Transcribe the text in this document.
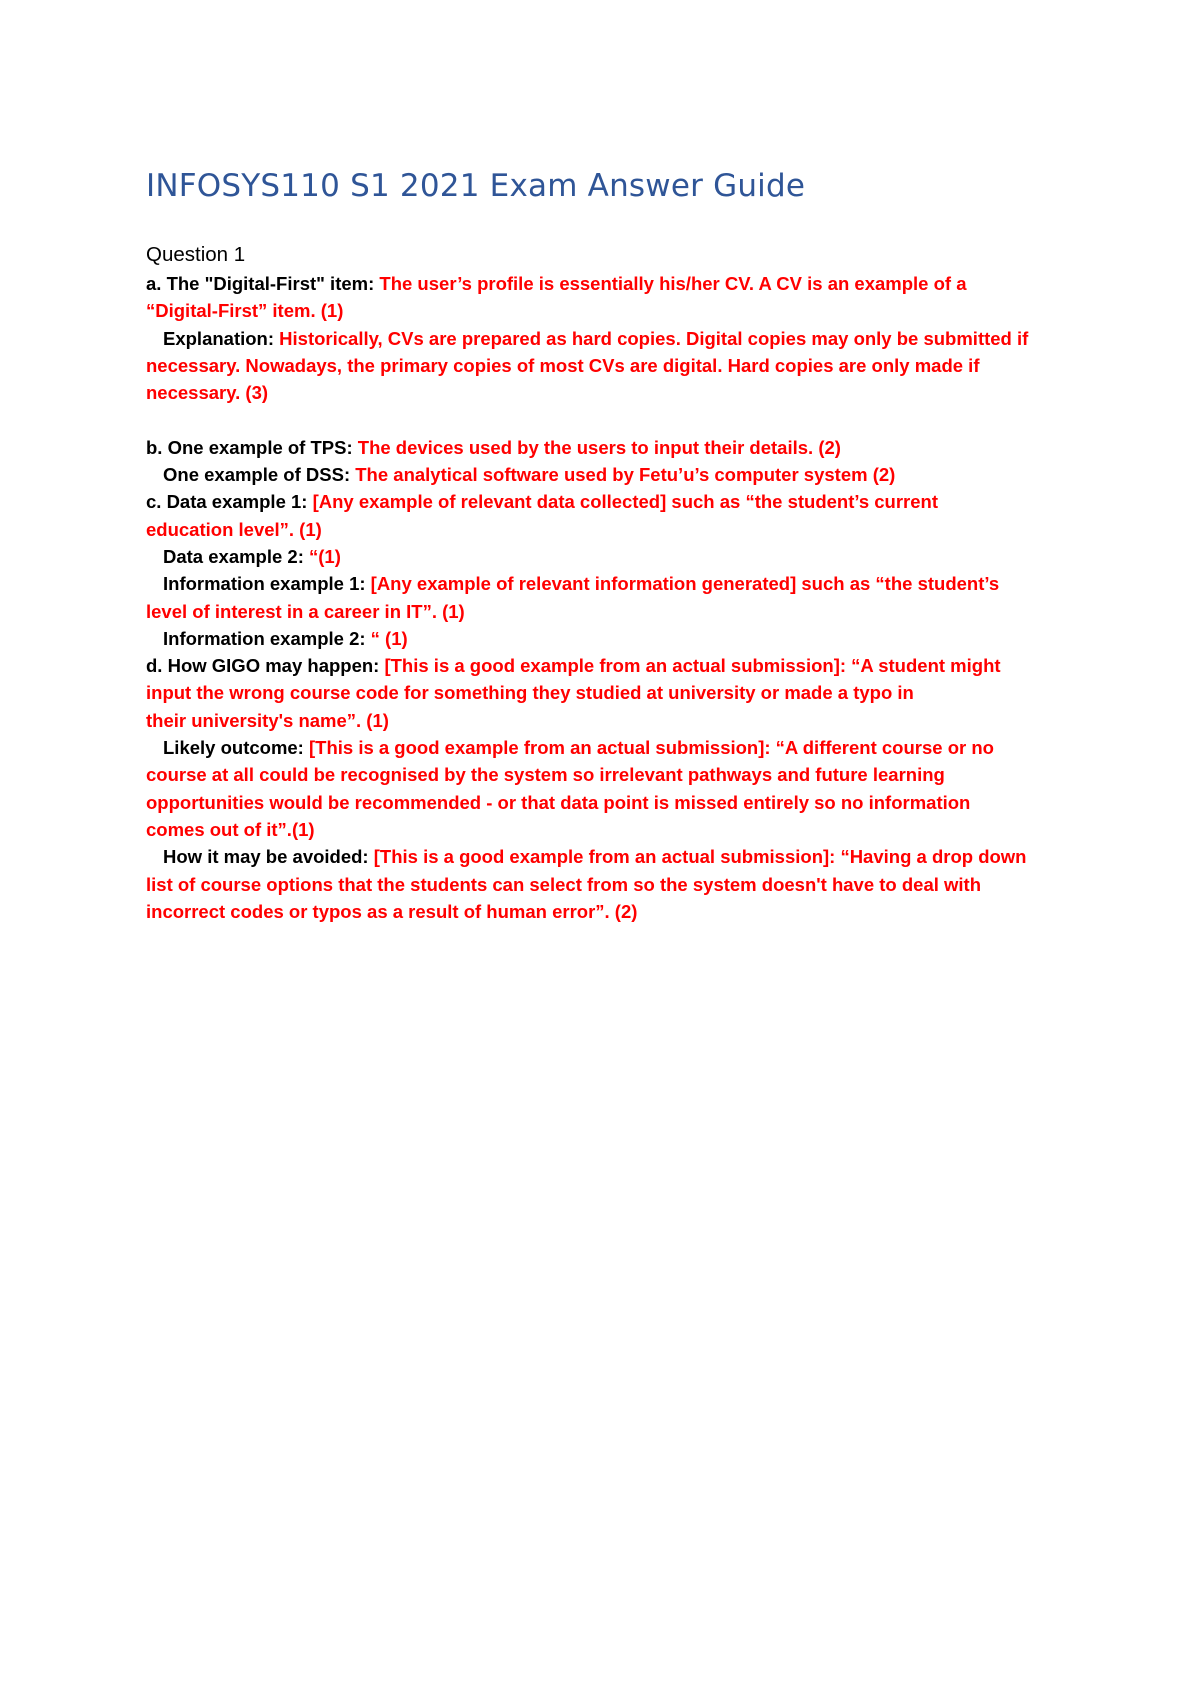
INFOSYS110 S1 2021 Exam Answer Guide

Question 1

a. The "Digital-First" item: The user’s profile is essentially his/her CV. A CV is an example of a
“Digital-First” item. (1)
Explanation: Historically, CVs are prepared as hard copies. Digital copies may only be submitted if
necessary. Nowadays, the primary copies of most CVs are digital. Hard copies are only made if
necessary. (3)
b. One example of TPS: The devices used by the users to input their details. (2)
One example of DSS: The analytical software used by Fetu’u’s computer system (2)
c. Data example 1: [Any example of relevant data collected] such as “the student’s current
education level”. (1)
Data example 2: “(1)
Information example 1: [Any example of relevant information generated] such as “the student’s
level of interest in a career in IT”. (1)
Information example 2: “ (1)
d. How GIGO may happen: [This is a good example from an actual submission]: “A student might
input the wrong course code for something they studied at university or made a typo in
their university's name”. (1)
Likely outcome: [This is a good example from an actual submission]: “A different course or no
course at all could be recognised by the system so irrelevant pathways and future learning
opportunities would be recommended - or that data point is missed entirely so no information
comes out of it”.(1)
How it may be avoided: [This is a good example from an actual submission]: “Having a drop down
list of course options that the students can select from so the system doesn't have to deal with
incorrect codes or typos as a result of human error”. (2)
